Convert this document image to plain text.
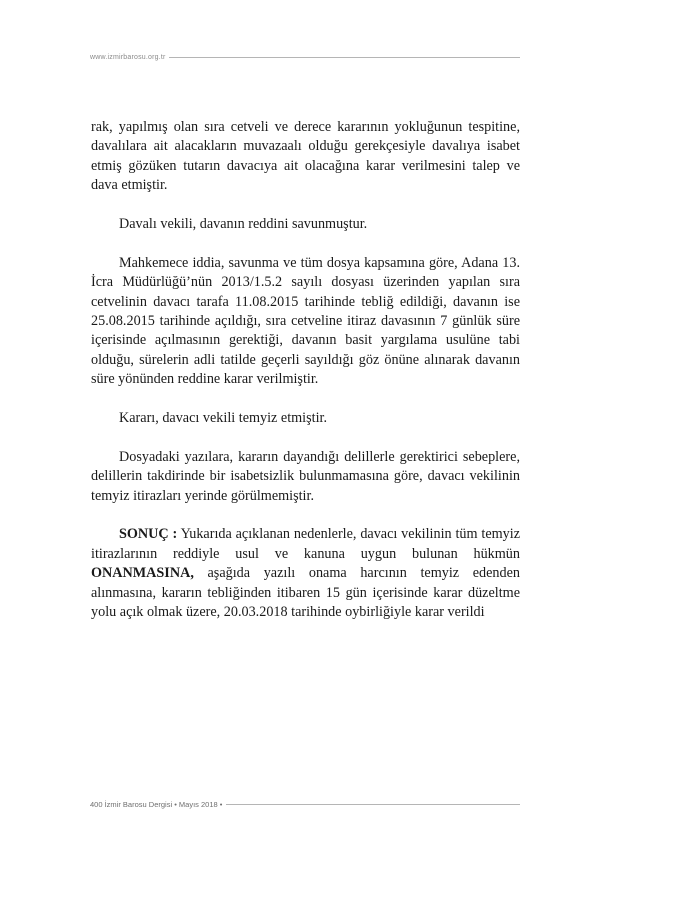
www.izmirbarosu.org.tr

rak, yapılmış olan sıra cetveli ve derece kararının yokluğunun tespitine, davalılara ait alacakların muvazaalı olduğu gerekçesiyle davalıya isabet etmiş gözüken tutarın davacıya ait olacağına karar verilmesini talep ve dava etmiştir.

Davalı vekili, davanın reddini savunmuştur.

Mahkemece iddia, savunma ve tüm dosya kapsamına göre, Adana 13. İcra Müdürlüğü’nün 2013/1.5.2 sayılı dosyası üzerinden yapılan sıra cetvelinin davacı tarafa 11.08.2015 tarihinde tebliğ edildiği, davanın ise 25.08.2015 tarihinde açıldığı, sıra cetveline itiraz davasının 7 günlük süre içerisinde açılmasının gerektiği, davanın basit yargılama usulüne tabi olduğu, sürelerin adli tatilde geçerli sayıldığı göz önüne alınarak davanın süre yönünden reddine karar verilmiştir.

Kararı, davacı vekili temyiz etmiştir.

Dosyadaki yazılara, kararın dayandığı delillerle gerektirici sebeplere, delillerin takdirinde bir isabetsizlik bulunmamasına göre, davacı vekilinin temyiz itirazları yerinde görülmemiştir.

SONUÇ : Yukarıda açıklanan nedenlerle, davacı vekilinin tüm temyiz itirazlarının reddiyle usul ve kanuna uygun bulunan hükmün ONANMASINA, aşağıda yazılı onama harcının temyiz edenden alınmasına, kararın tebliğinden itibaren 15 gün içerisinde karar düzeltme yolu açık olmak üzere, 20.03.2018 tarihinde oybirliğiyle karar verildi

400 İzmir Barosu Dergisi • Mayıs 2018 •
